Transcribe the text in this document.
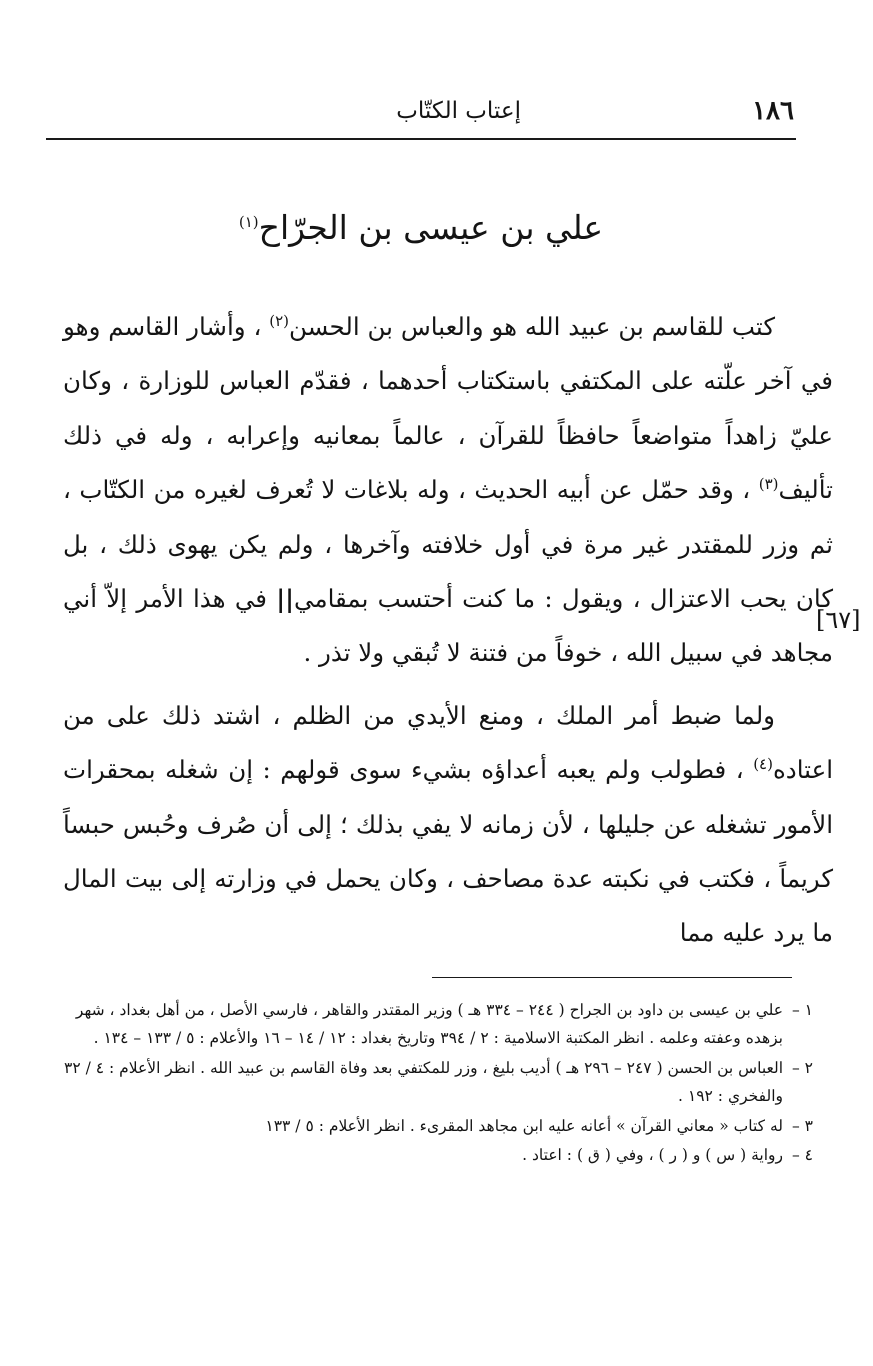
١٨٦
إعتاب الكتّاب
علي بن عيسى بن الجرّاح$^{(١)}$
[٦٧]

كتب للقاسم بن عبيد الله هو والعباس بن الحسن$^{(٢)}$ ، وأشار القاسم وهو في آخر علّته على المكتفي باستكتاب أحدهما ، فقدّم العباس للوزارة ، وكان عليّ زاهداً متواضعاً حافظاً للقرآن ، عالماً بمعانيه وإعرابه ، وله في ذلك تأليف$^{(٣)}$ ، وقد حمّل عن أبيه الحديث ، وله بلاغات لا تُعرف لغيره من الكتّاب ، ثم وزر للمقتدر غير مرة في أول خلافته وآخرها ، ولم يكن يهوى ذلك ، بل كان يحب الاعتزال ، ويقول : ما كنت أحتسب بمقامي|| في هذا الأمر إلاّ أني مجاهد في سبيل الله ، خوفاً من فتنة لا تُبقي ولا تذر .

ولما ضبط أمر الملك ، ومنع الأيدي من الظلم ، اشتد ذلك على من اعتاده$^{(٤)}$ ، فطولب ولم يعبه أعداؤه بشيء سوى قولهم : إن شغله بمحقرات الأمور تشغله عن جليلها ، لأن زمانه لا يفي بذلك ؛ إلى أن صُرف وحُبس حبساً كريماً ، فكتب في نكبته عدة مصاحف ، وكان يحمل في وزارته إلى بيت المال ما يرد عليه مما

١ –
علي بن عيسى بن داود بن الجراح ( ٢٤٤ – ٣٣٤ هـ ) وزير المقتدر والقاهر ، فارسي الأصل ، من أهل بغداد ، شهر بزهده وعفته وعلمه . انظر المكتبة الاسلامية : ٢ / ٣٩٤ وتاريخ بغداد : ١٢ / ١٤ – ١٦ والأعلام : ٥ / ١٣٣ – ١٣٤ .
٢ –
العباس بن الحسن ( ٢٤٧ – ٢٩٦ هـ ) أديب بليغ ، وزر للمكتفي بعد وفاة القاسم بن عبيد الله . انظر الأعلام : ٤ / ٣٢ والفخري : ١٩٢ .
٣ –
له كتاب « معاني القرآن » أعانه عليه ابن مجاهد المقرىء . انظر الأعلام : ٥ / ١٣٣
٤ –
رواية ( س ) و ( ر ) ، وفي ( ق ) : اعتاد .
